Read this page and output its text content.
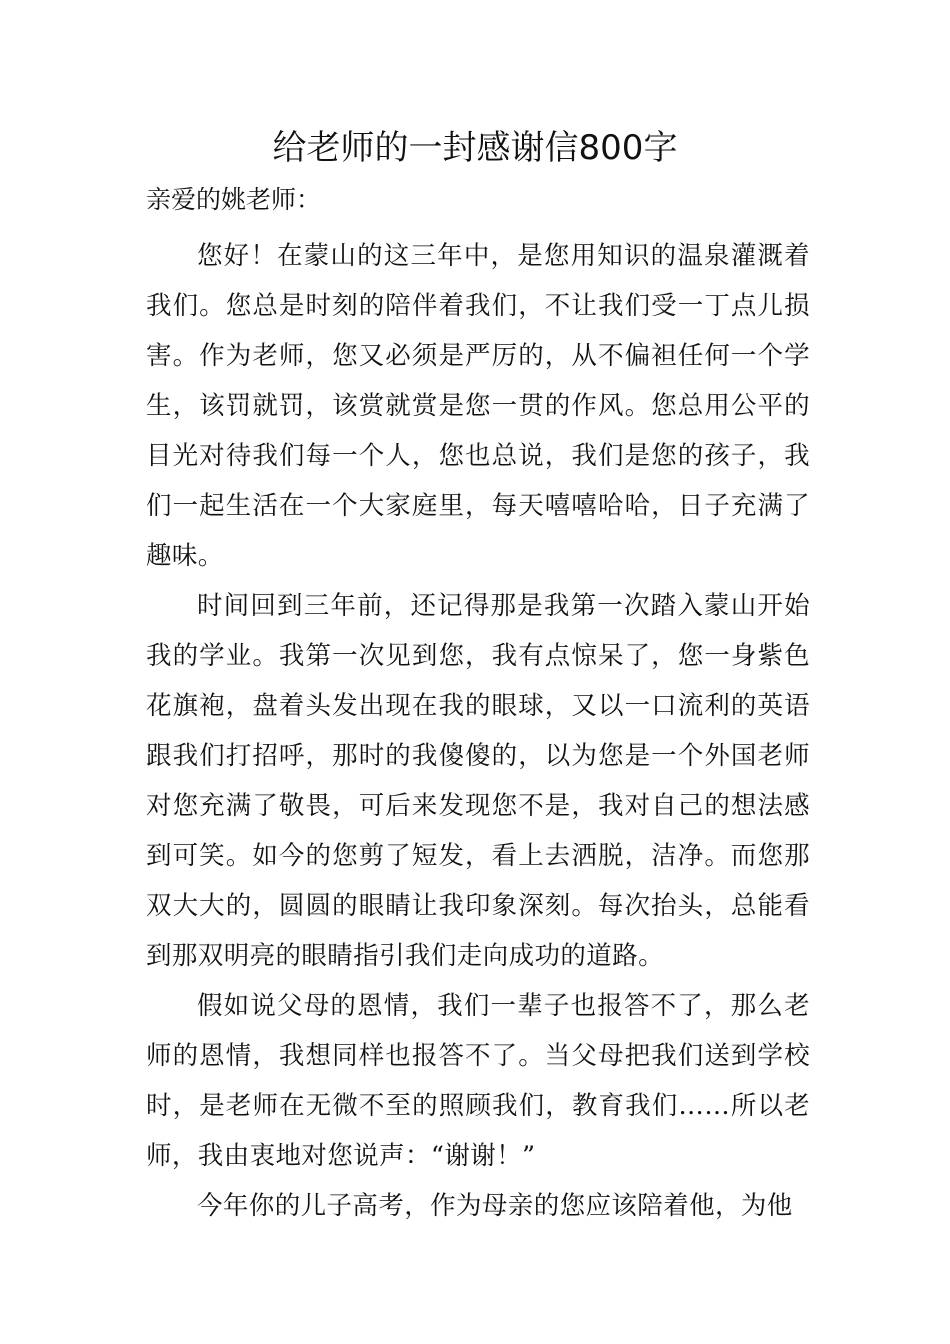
给老师的一封感谢信800字

亲爱的姚老师：

您好！在蒙山的这三年中，是您用知识的温泉灌溉着我们。您总是时刻的陪伴着我们，不让我们受一丁点儿损害。作为老师，您又必须是严厉的，从不偏袒任何一个学生，该罚就罚，该赏就赏是您一贯的作风。您总用公平的目光对待我们每一个人，您也总说，我们是您的孩子，我们一起生活在一个大家庭里，每天嘻嘻哈哈，日子充满了趣味。

时间回到三年前，还记得那是我第一次踏入蒙山开始我的学业。我第一次见到您，我有点惊呆了，您一身紫色花旗袍，盘着头发出现在我的眼球，又以一口流利的英语跟我们打招呼，那时的我傻傻的，以为您是一个外国老师对您充满了敬畏，可后来发现您不是，我对自己的想法感到可笑。如今的您剪了短发，看上去洒脱，洁净。而您那双大大的，圆圆的眼睛让我印象深刻。每次抬头，总能看到那双明亮的眼睛指引我们走向成功的道路。

假如说父母的恩情，我们一辈子也报答不了，那么老师的恩情，我想同样也报答不了。当父母把我们送到学校时，是老师在无微不至的照顾我们，教育我们……所以老师，我由衷地对您说声：“谢谢！”

今年你的儿子高考，作为母亲的您应该陪着他，为他
